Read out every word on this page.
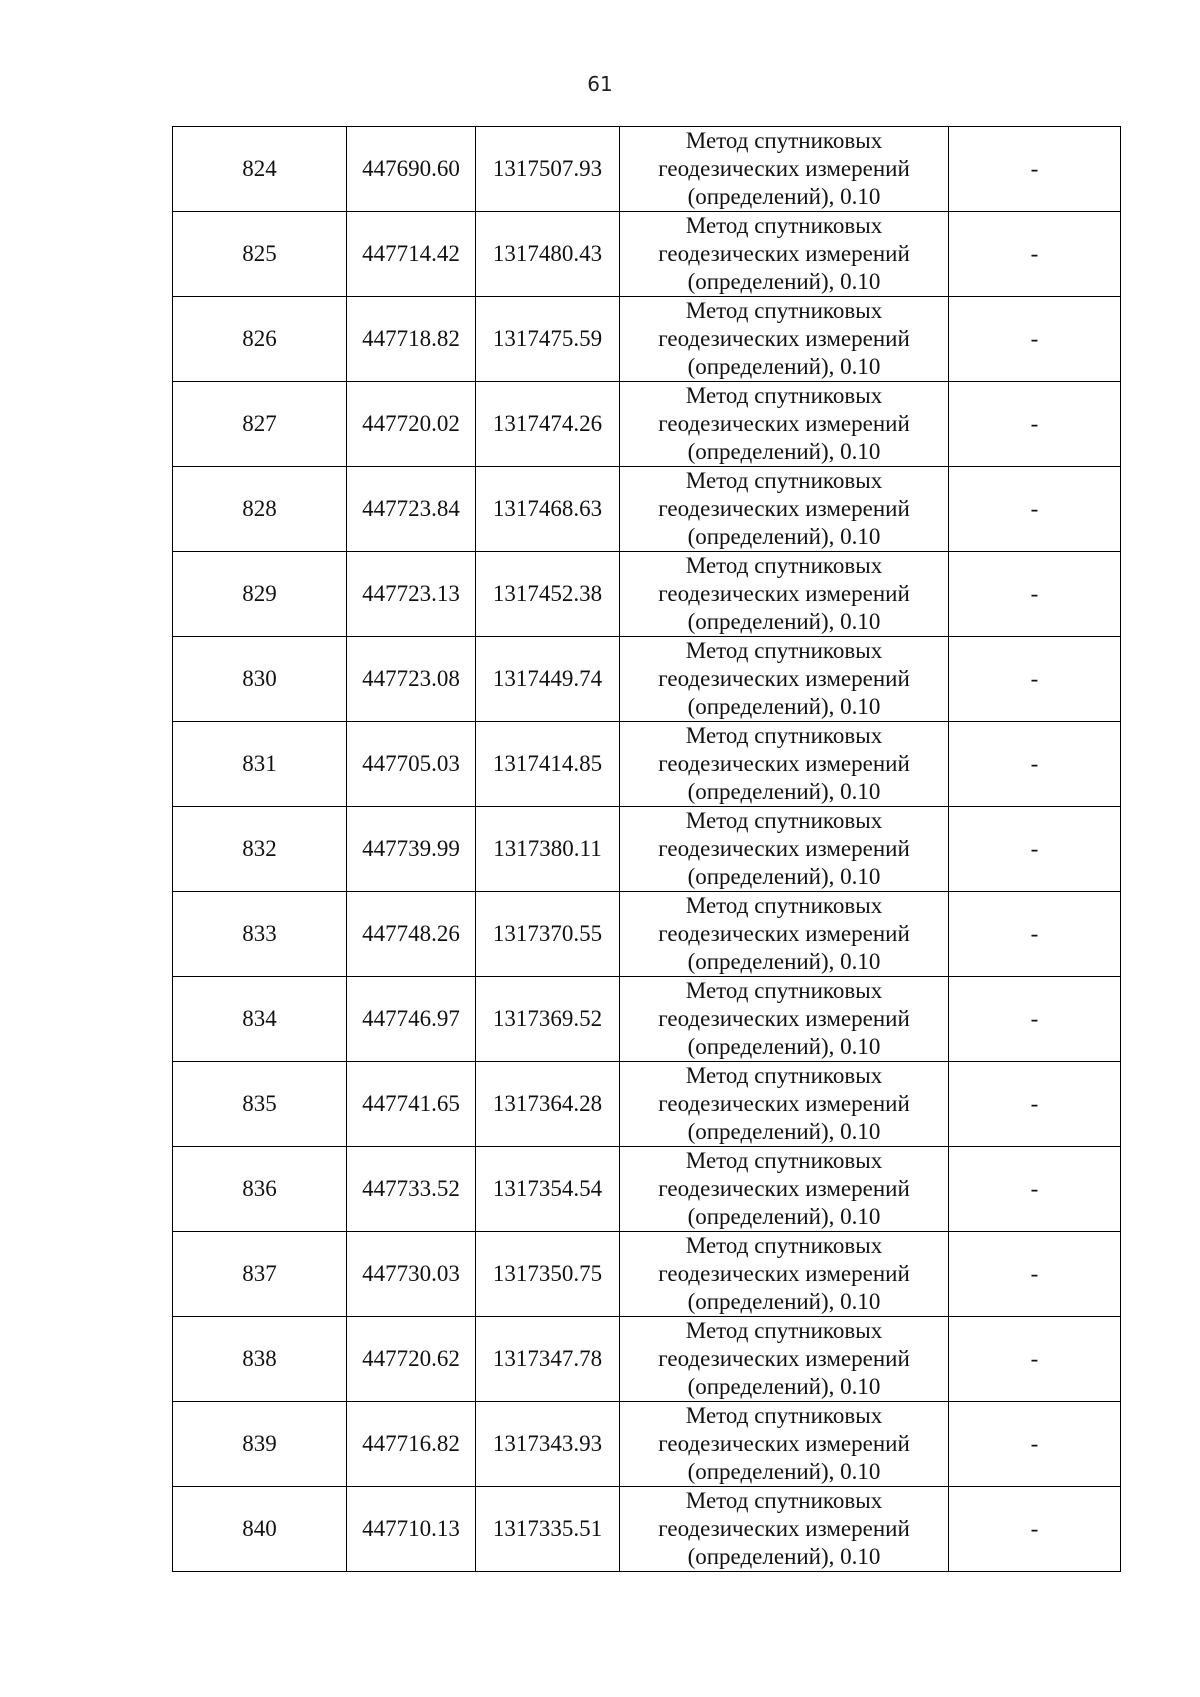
61
824	447690.60	1317507.93	Метод спутниковых геодезических измерений (определений), 0.10	-
825	447714.42	1317480.43	Метод спутниковых геодезических измерений (определений), 0.10	-
826	447718.82	1317475.59	Метод спутниковых геодезических измерений (определений), 0.10	-
827	447720.02	1317474.26	Метод спутниковых геодезических измерений (определений), 0.10	-
828	447723.84	1317468.63	Метод спутниковых геодезических измерений (определений), 0.10	-
829	447723.13	1317452.38	Метод спутниковых геодезических измерений (определений), 0.10	-
830	447723.08	1317449.74	Метод спутниковых геодезических измерений (определений), 0.10	-
831	447705.03	1317414.85	Метод спутниковых геодезических измерений (определений), 0.10	-
832	447739.99	1317380.11	Метод спутниковых геодезических измерений (определений), 0.10	-
833	447748.26	1317370.55	Метод спутниковых геодезических измерений (определений), 0.10	-
834	447746.97	1317369.52	Метод спутниковых геодезических измерений (определений), 0.10	-
835	447741.65	1317364.28	Метод спутниковых геодезических измерений (определений), 0.10	-
836	447733.52	1317354.54	Метод спутниковых геодезических измерений (определений), 0.10	-
837	447730.03	1317350.75	Метод спутниковых геодезических измерений (определений), 0.10	-
838	447720.62	1317347.78	Метод спутниковых геодезических измерений (определений), 0.10	-
839	447716.82	1317343.93	Метод спутниковых геодезических измерений (определений), 0.10	-
840	447710.13	1317335.51	Метод спутниковых геодезических измерений (определений), 0.10	-
